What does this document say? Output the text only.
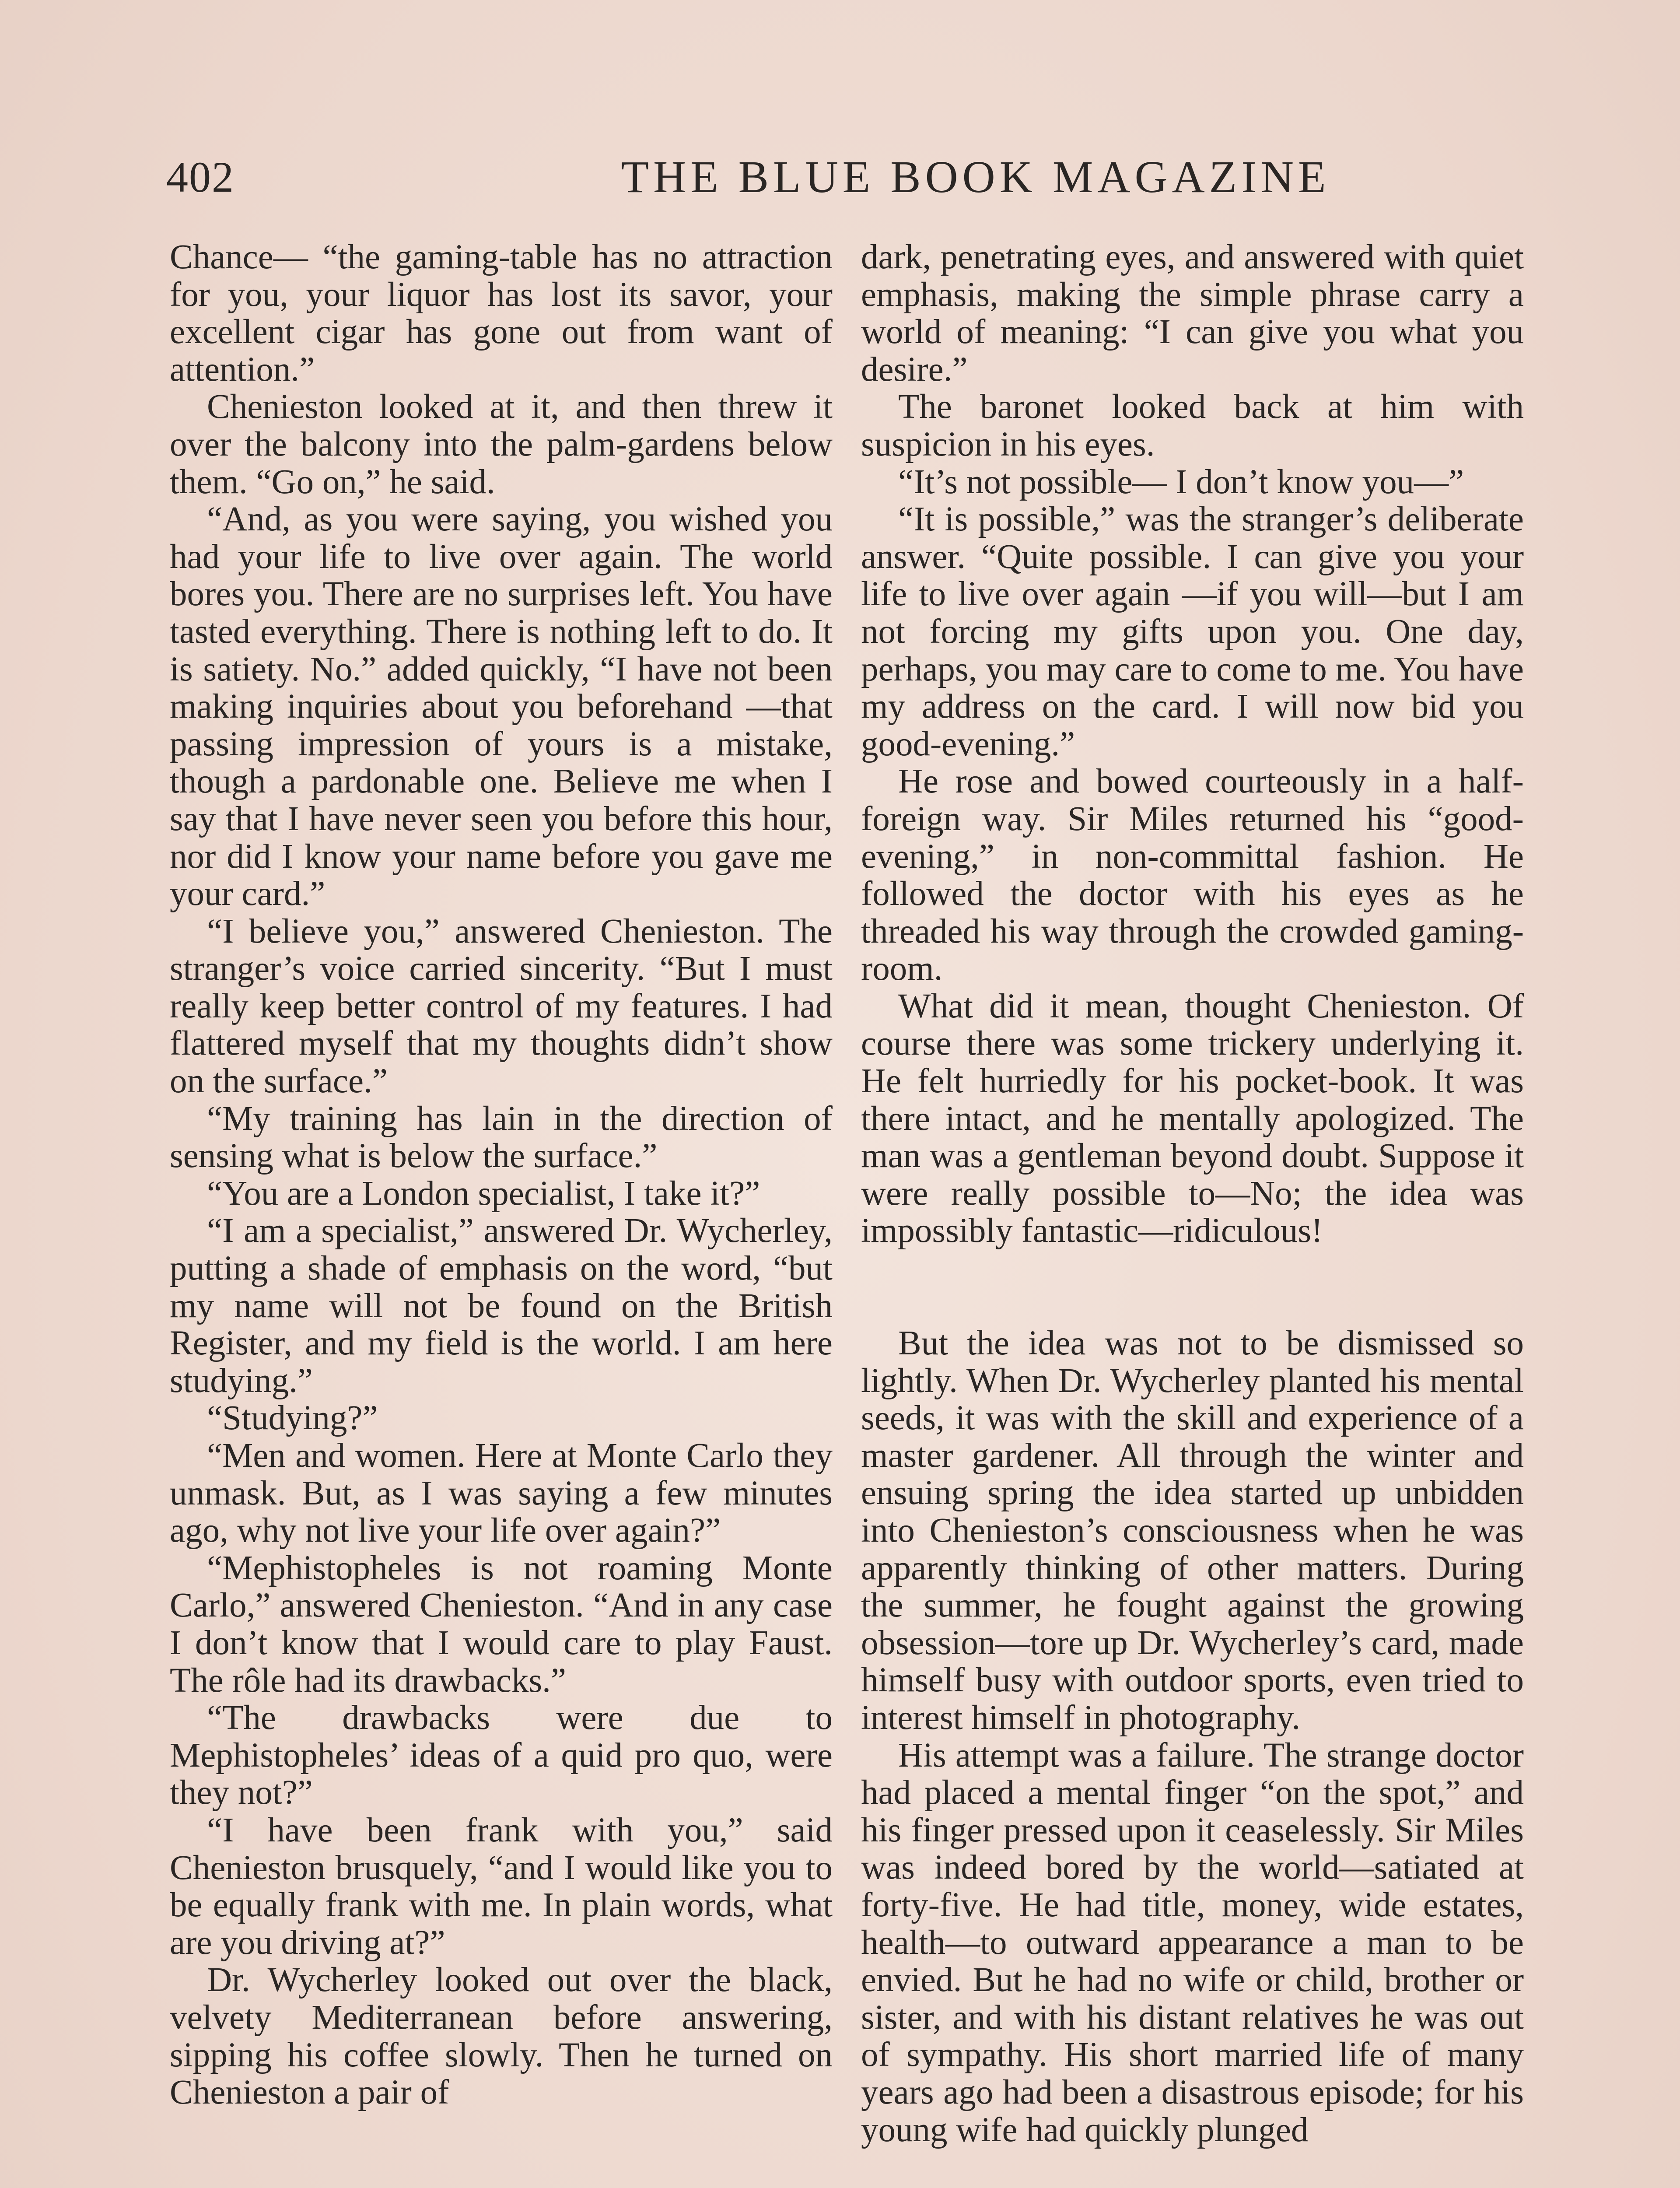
402	THE BLUE BOOK MAGAZINE

Chance— “the gaming-table has no attraction for you, your liquor has lost its savor, your excellent cigar has gone out from want of attention.”

Chenieston looked at it, and then threw it over the balcony into the palm-gardens below them. “Go on,” he said.

“And, as you were saying, you wished you had your life to live over again. The world bores you. There are no surprises left. You have tasted everything. There is nothing left to do. It is satiety. No.” added quickly, “I have not been making inquiries about you beforehand —that passing impression of yours is a mistake, though a pardonable one. Believe me when I say that I have never seen you before this hour, nor did I know your name before you gave me your card.”

“I believe you,” answered Chenieston. The stranger’s voice carried sincerity. “But I must really keep better control of my features. I had flattered myself that my thoughts didn’t show on the surface.”

“My training has lain in the direction of sensing what is below the surface.”

“You are a London specialist, I take it?”

“I am a specialist,” answered Dr. Wycherley, putting a shade of emphasis on the word, “but my name will not be found on the British Register, and my field is the world. I am here studying.”

“Studying?”

“Men and women. Here at Monte Carlo they unmask. But, as I was saying a few minutes ago, why not live your life over again?”

“Mephistopheles is not roaming Monte Carlo,” answered Chenieston. “And in any case I don’t know that I would care to play Faust. The rôle had its drawbacks.”

“The drawbacks were due to Mephistopheles’ ideas of a quid pro quo, were they not?”

“I have been frank with you,” said Chenieston brusquely, “and I would like you to be equally frank with me. In plain words, what are you driving at?”

Dr. Wycherley looked out over the black, velvety Mediterranean before answering, sipping his coffee slowly. Then he turned on Chenieston a pair of

dark, penetrating eyes, and answered with quiet emphasis, making the simple phrase carry a world of meaning: “I can give you what you desire.”

The baronet looked back at him with suspicion in his eyes.

“It’s not possible— I don’t know you—”

“It is possible,” was the stranger’s deliberate answer. “Quite possible. I can give you your life to live over again —if you will—but I am not forcing my gifts upon you. One day, perhaps, you may care to come to me. You have my address on the card. I will now bid you good-evening.”

He rose and bowed courteously in a half-foreign way. Sir Miles returned his “good-evening,” in non-committal fashion. He followed the doctor with his eyes as he threaded his way through the crowded gaming-room.

What did it mean, thought Chenieston. Of course there was some trickery underlying it. He felt hurriedly for his pocket-book. It was there intact, and he mentally apologized. The man was a gentleman beyond doubt. Suppose it were really possible to—No; the idea was impossibly fantastic—ridiculous!

But the idea was not to be dismissed so lightly. When Dr. Wycherley planted his mental seeds, it was with the skill and experience of a master gardener. All through the winter and ensuing spring the idea started up unbidden into Chenieston’s consciousness when he was apparently thinking of other matters. During the summer, he fought against the growing obsession—tore up Dr. Wycherley’s card, made himself busy with outdoor sports, even tried to interest himself in photography.

His attempt was a failure. The strange doctor had placed a mental finger “on the spot,” and his finger pressed upon it ceaselessly. Sir Miles was indeed bored by the world—satiated at forty-five. He had title, money, wide estates, health—to outward appearance a man to be envied. But he had no wife or child, brother or sister, and with his distant relatives he was out of sympathy. His short married life of many years ago had been a disastrous episode; for his young wife had quickly plunged
